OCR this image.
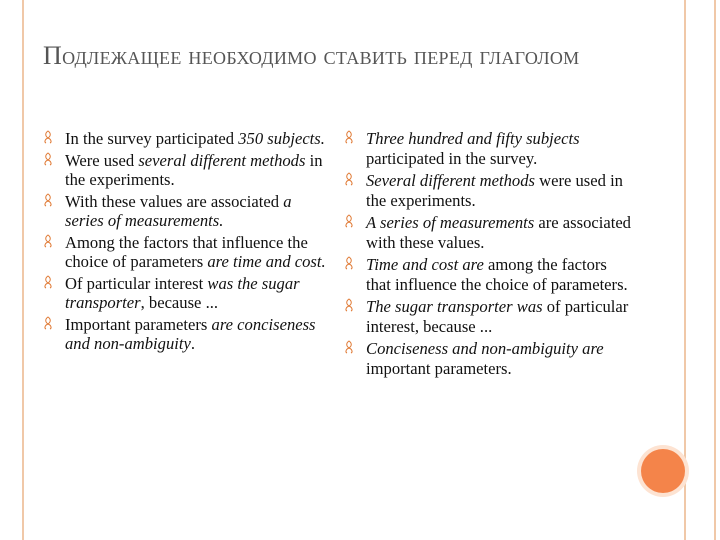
Подлежащее необходимо ставить перед глаголом
In the survey participated 350 subjects.
Were used several different methods in the experiments.
With these values are associated a series of measurements.
Among the factors that influence the choice of parameters are time and cost.
Of particular interest was the sugar transporter, because ...
Important parameters are conciseness and non-ambiguity.
Three hundred and fifty subjects participated in the survey.
Several different methods were used in the experiments.
A series of measurements are associated with these values.
Time and cost are among the factors that influence the choice of parameters.
The sugar transporter was of particular interest, because ...
Conciseness and non-ambiguity are important parameters.
